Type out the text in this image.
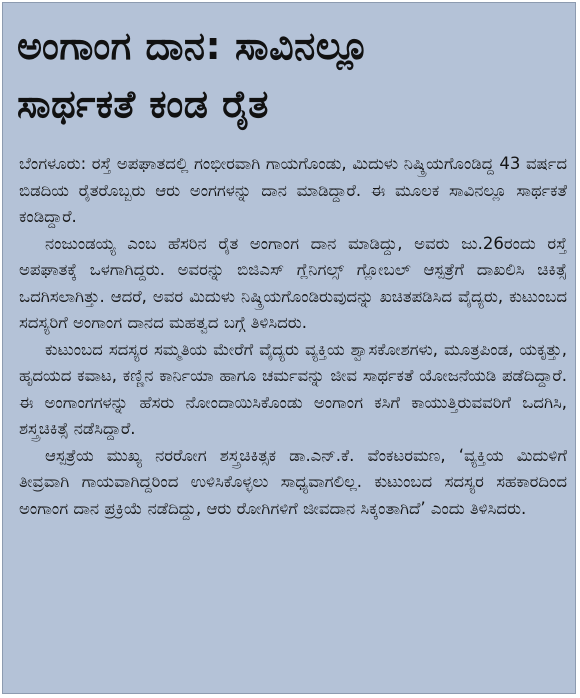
ಅಂಗಾಂಗ ದಾನ: ಸಾವಿನಲ್ಲೂ
ಸಾರ್ಥಕತೆ ಕಂಡ ರೈತ

ಬೆಂಗಳೂರು: ರಸ್ತೆ ಅಪಘಾತದಲ್ಲಿ ಗಂಭೀರವಾಗಿ ಗಾಯಗೊಂಡು, ಮಿದುಳು ನಿಷ್ಕ್ರಿಯಗೊಂಡಿದ್ದ 43 ವರ್ಷದ ಬಿಡದಿಯ ರೈತರೊಬ್ಬರು ಆರು ಅಂಗಗಳನ್ನು ದಾನ ಮಾಡಿದ್ದಾರೆ. ಈ ಮೂಲಕ ಸಾವಿನಲ್ಲೂ ಸಾರ್ಥಕತೆ ಕಂಡಿದ್ದಾರೆ.

ನಂಜುಂಡಯ್ಯ ಎಂಬ ಹೆಸರಿನ ರೈತ ಅಂಗಾಂಗ ದಾನ ಮಾಡಿದ್ದು, ಅವರು ಜು.26ರಂದು ರಸ್ತೆ ಅಪಘಾತಕ್ಕೆ ಒಳಗಾಗಿದ್ದರು. ಅವರನ್ನು ಬಿಜಿಎಸ್ ಗ್ಲೆನಿಗಲ್ಸ್ ಗ್ಲೋಬಲ್ ಆಸ್ಪತ್ರೆಗೆ ದಾಖಲಿಸಿ ಚಿಕಿತ್ಸೆ ಒದಗಿಸಲಾಗಿತ್ತು. ಆದರೆ, ಅವರ ಮಿದುಳು ನಿಷ್ಕ್ರಿಯಗೊಂಡಿರುವುದನ್ನು ಖಚಿತಪಡಿಸಿದ ವೈದ್ಯರು, ಕುಟುಂಬದ ಸದಸ್ಯರಿಗೆ ಅಂಗಾಂಗ ದಾನದ ಮಹತ್ವದ ಬಗ್ಗೆ ತಿಳಿಸಿದರು.

ಕುಟುಂಬದ ಸದಸ್ಯರ ಸಮ್ಮತಿಯ ಮೇರೆಗೆ ವೈದ್ಯರು ವ್ಯಕ್ತಿಯ ಶ್ವಾಸಕೋಶಗಳು, ಮೂತ್ರಪಿಂಡ, ಯಕೃತ್ತು, ಹೃದಯದ ಕವಾಟ, ಕಣ್ಣಿನ ಕಾರ್ನಿಯಾ ಹಾಗೂ ಚರ್ಮವನ್ನು ಜೀವ ಸಾರ್ಥಕತೆ ಯೋಜನೆಯಡಿ ಪಡೆದಿದ್ದಾರೆ. ಈ ಅಂಗಾಂಗಗಳನ್ನು ಹೆಸರು ನೋಂದಾಯಿಸಿಕೊಂಡು ಅಂಗಾಂಗ ಕಸಿಗೆ ಕಾಯುತ್ತಿರುವವರಿಗೆ ಒದಗಿಸಿ, ಶಸ್ತ್ರಚಿಕಿತ್ಸೆ ನಡೆಸಿದ್ದಾರೆ.

ಆಸ್ಪತ್ರೆಯ ಮುಖ್ಯ ನರರೋಗ ಶಸ್ತ್ರಚಿಕಿತ್ಸಕ ಡಾ.ಎನ್.ಕೆ. ವೆಂಕಟರಮಣ, ‘ವ್ಯಕ್ತಿಯ ಮಿದುಳಿಗೆ ತೀವ್ರವಾಗಿ ಗಾಯವಾಗಿದ್ದರಿಂದ ಉಳಿಸಿಕೊಳ್ಳಲು ಸಾಧ್ಯವಾಗಲಿಲ್ಲ. ಕುಟುಂಬದ ಸದಸ್ಯರ ಸಹಕಾರದಿಂದ ಅಂಗಾಂಗ ದಾನ ಪ್ರಕ್ರಿಯೆ ನಡೆದಿದ್ದು, ಆರು ರೋಗಿಗಳಿಗೆ ಜೀವದಾನ ಸಿಕ್ಕಂತಾಗಿದೆ’ ಎಂದು ತಿಳಿಸಿದರು.
